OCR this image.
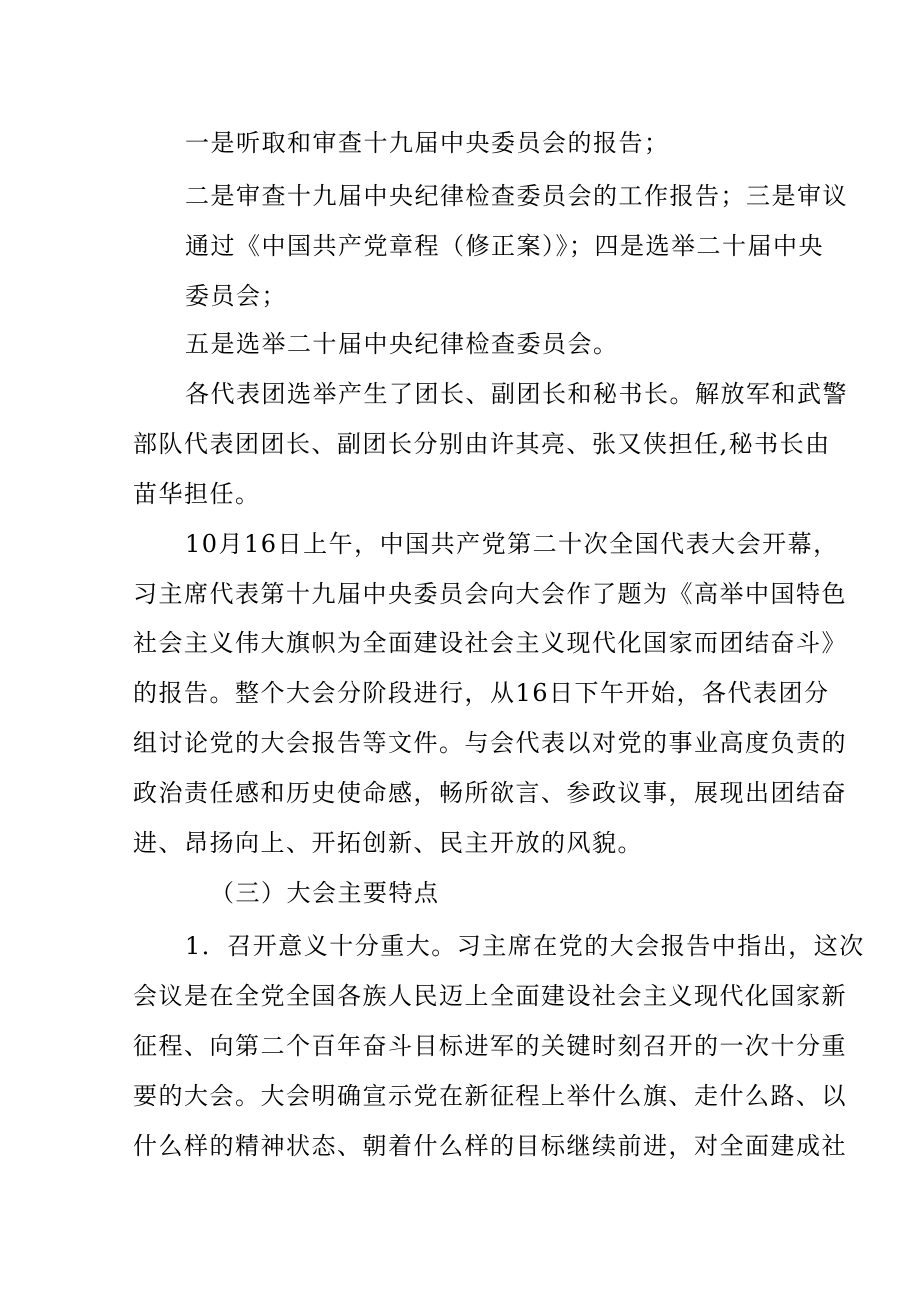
一是听取和审查十九届中央委员会的报告；
二是审查十九届中央纪律检查委员会的工作报告；三是审议
通过《中国共产党章程（修正案）》；四是选举二十届中央
委员会；
五是选举二十届中央纪律检查委员会。
各代表团选举产生了团长、副团长和秘书长。解放军和武警
部队代表团团长、副团长分别由许其亮、张又侠担任,秘书长由
苗华担任。
10月16日上午，中国共产党第二十次全国代表大会开幕，
习主席代表第十九届中央委员会向大会作了题为《高举中国特色
社会主义伟大旗帜为全面建设社会主义现代化国家而团结奋斗》
的报告。整个大会分阶段进行，从16日下午开始，各代表团分
组讨论党的大会报告等文件。与会代表以对党的事业高度负责的
政治责任感和历史使命感，畅所欲言、参政议事，展现出团结奋
进、昂扬向上、开拓创新、民主开放的风貌。
（三）大会主要特点
1．召开意义十分重大。习主席在党的大会报告中指出，这次
会议是在全党全国各族人民迈上全面建设社会主义现代化国家新
征程、向第二个百年奋斗目标进军的关键时刻召开的一次十分重
要的大会。大会明确宣示党在新征程上举什么旗、走什么路、以
什么样的精神状态、朝着什么样的目标继续前进，对全面建成社
